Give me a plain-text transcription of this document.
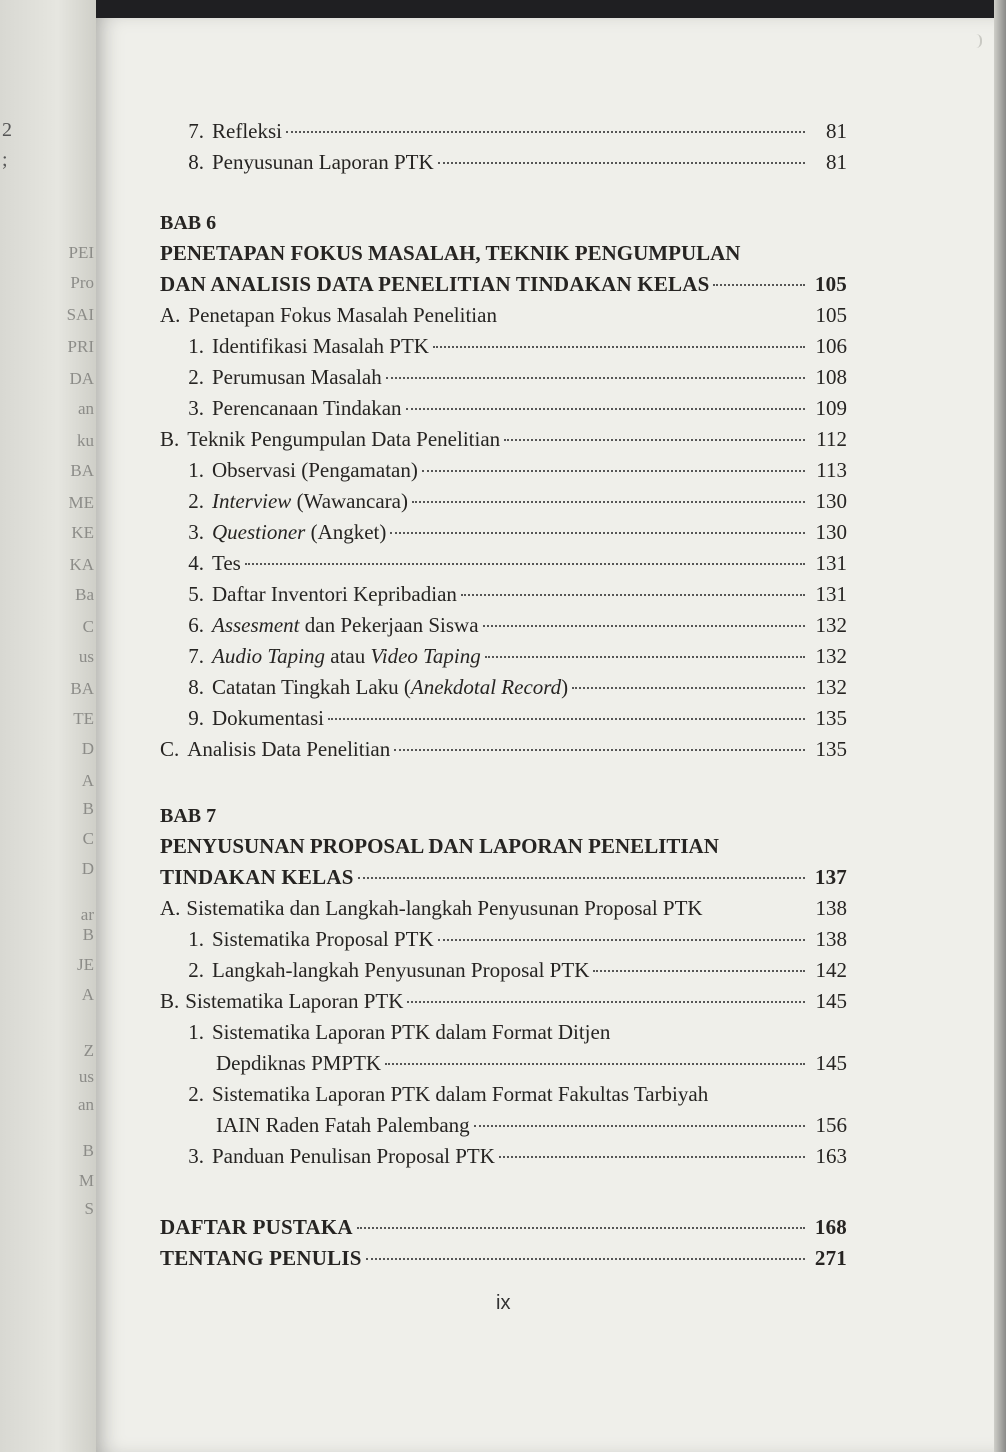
2
;
PEI
Pro
SAI
PRI
DA
an
ku
BA
ME
KE
KA
Ba
C
us
BA
TE
D
A
B
C
D
ar
B
JE
A
Z
us
an
B
M
S
7. Refleksi	81
8. Penyusunan Laporan PTK	81
BAB 6
PENETAPAN FOKUS MASALAH, TEKNIK PENGUMPULAN
DAN ANALISIS DATA PENELITIAN TINDAKAN KELAS	105
A. Penetapan Fokus Masalah Penelitian	105
1. Identifikasi Masalah PTK	106
2. Perumusan Masalah	108
3. Perencanaan Tindakan	109
B. Teknik Pengumpulan Data Penelitian	112
1. Observasi (Pengamatan)	113
2. Interview (Wawancara)	130
3. Questioner (Angket)	130
4. Tes	131
5. Daftar Inventori Kepribadian	131
6. Assesment dan Pekerjaan Siswa	132
7. Audio Taping atau Video Taping	132
8. Catatan Tingkah Laku (Anekdotal Record)	132
9. Dokumentasi	135
C. Analisis Data Penelitian	135
BAB 7
PENYUSUNAN PROPOSAL DAN LAPORAN PENELITIAN
TINDAKAN KELAS	137
A. Sistematika dan Langkah-langkah Penyusunan Proposal PTK	138
1. Sistematika Proposal PTK	138
2. Langkah-langkah Penyusunan Proposal PTK	142
B. Sistematika Laporan PTK	145
1. Sistematika Laporan PTK dalam Format Ditjen
Depdiknas PMPTK	145
2. Sistematika Laporan PTK dalam Format Fakultas Tarbiyah
IAIN Raden Fatah Palembang	156
3. Panduan Penulisan Proposal PTK	163
DAFTAR PUSTAKA	168
TENTANG PENULIS	271
ix
